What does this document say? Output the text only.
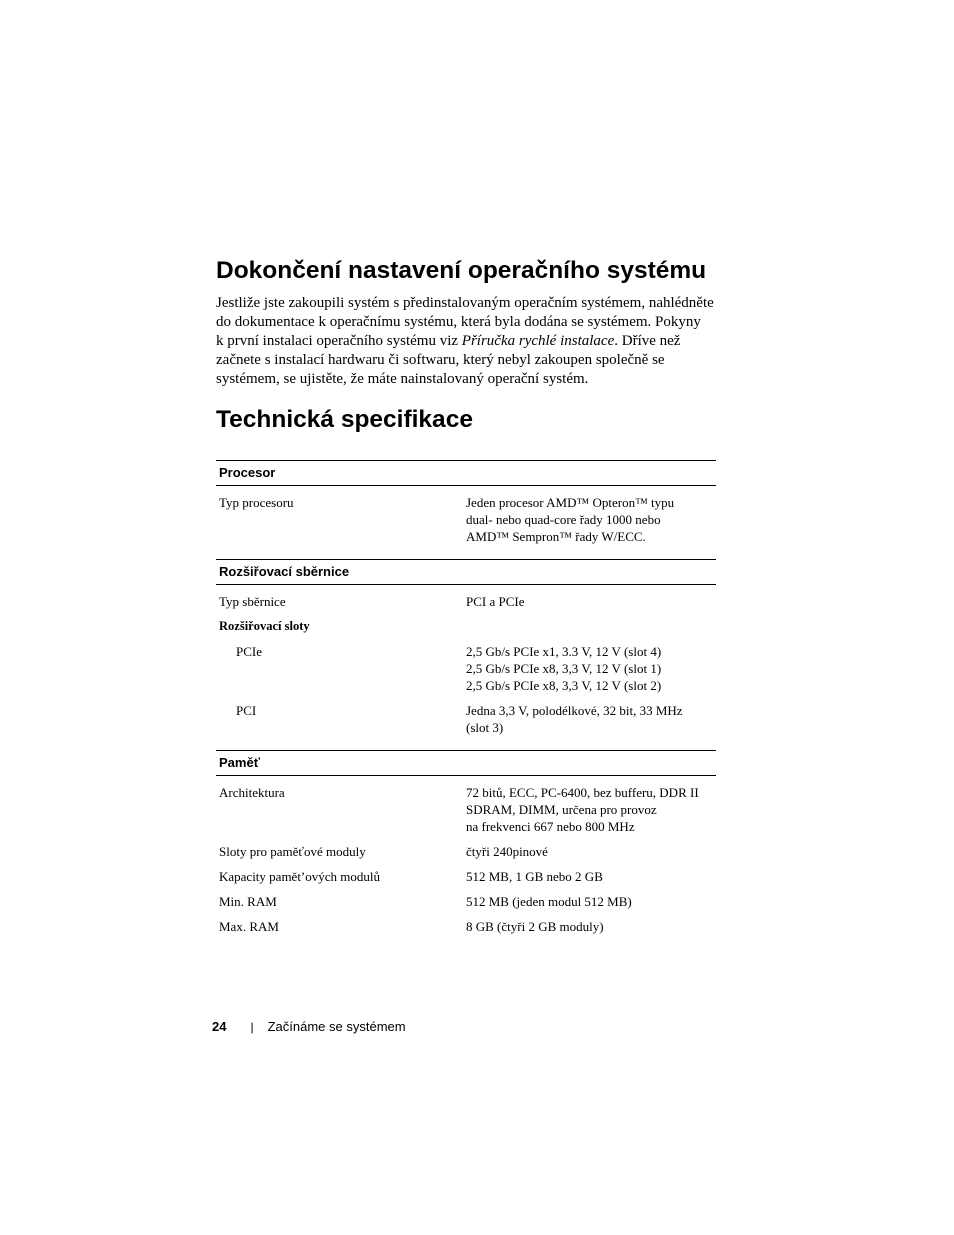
Dokončení nastavení operačního systému

Jestliže jste zakoupili systém s předinstalovaným operačním systémem, nahlédněte

do dokumentace k operačnímu systému, která byla dodána se systémem. Pokyny

k první instalaci operačního systému viz Příručka rychlé instalace. Dříve než

začnete s instalací hardwaru či softwaru, který nebyl zakoupen společně se

systémem, se ujistěte, že máte nainstalovaný operační systém.

Technická specifikace
Procesor
Typ procesoru	Jeden procesor AMD™ Opteron™ typu
dual- nebo quad-core řady 1000 nebo
AMD™ Sempron™ řady W/ECC.
Rozšiřovací sběrnice
Typ sběrnice	PCI a PCIe
Rozšiřovací sloty
PCIe	2,5 Gb/s PCIe x1, 3.3 V, 12 V (slot 4)
2,5 Gb/s PCIe x8, 3,3 V, 12 V (slot 1)
2,5 Gb/s PCIe x8, 3,3 V, 12 V (slot 2)
PCI	Jedna 3,3 V, polodélkové, 32 bit, 33 MHz
(slot 3)
Paměť
Architektura	72 bitů, ECC, PC-6400, bez bufferu, DDR II
SDRAM, DIMM, určena pro provoz
na frekvenci 667 nebo 800 MHz
Sloty pro paměťové moduly	čtyři 240pinové
Kapacity pamět’ových modulů	512 MB, 1 GB nebo 2 GB
Min. RAM	512 MB (jeden modul 512 MB)
Max. RAM	8 GB (čtyři 2 GB moduly)
24 | Začínáme se systémem
